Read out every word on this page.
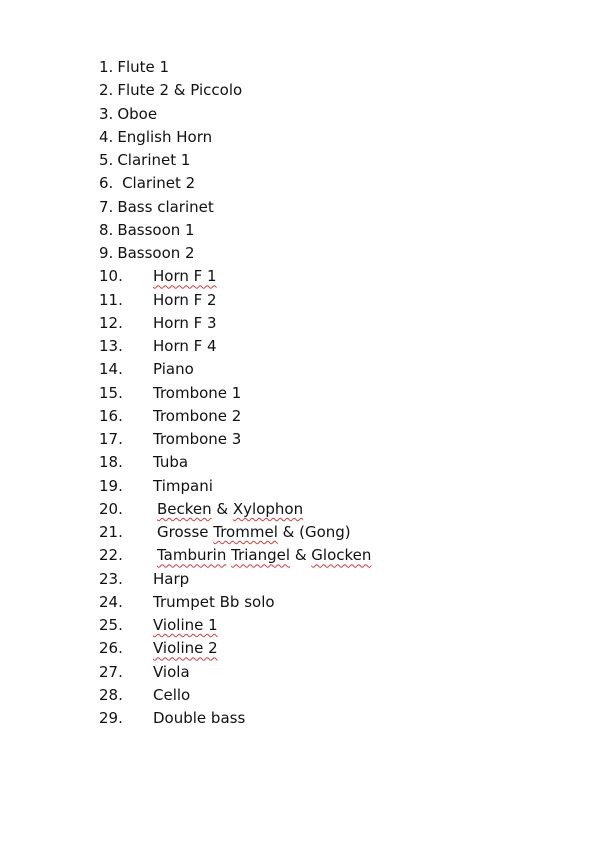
1. Flute 1
2. Flute 2 & Piccolo
3. Oboe
4. English Horn
5. Clarinet 1
6. Clarinet 2
7. Bass clarinet
8. Bassoon 1
9. Bassoon 2
10. Horn F 1
11. Horn F 2
12. Horn F 3
13. Horn F 4
14. Piano
15. Trombone 1
16. Trombone 2
17. Trombone 3
18. Tuba
19. Timpani
20. Becken & Xylophon
21. Grosse Trommel & (Gong)
22. Tamburin Triangel & Glocken
23. Harp
24. Trumpet Bb solo
25. Violine 1
26. Violine 2
27. Viola
28. Cello
29. Double bass
